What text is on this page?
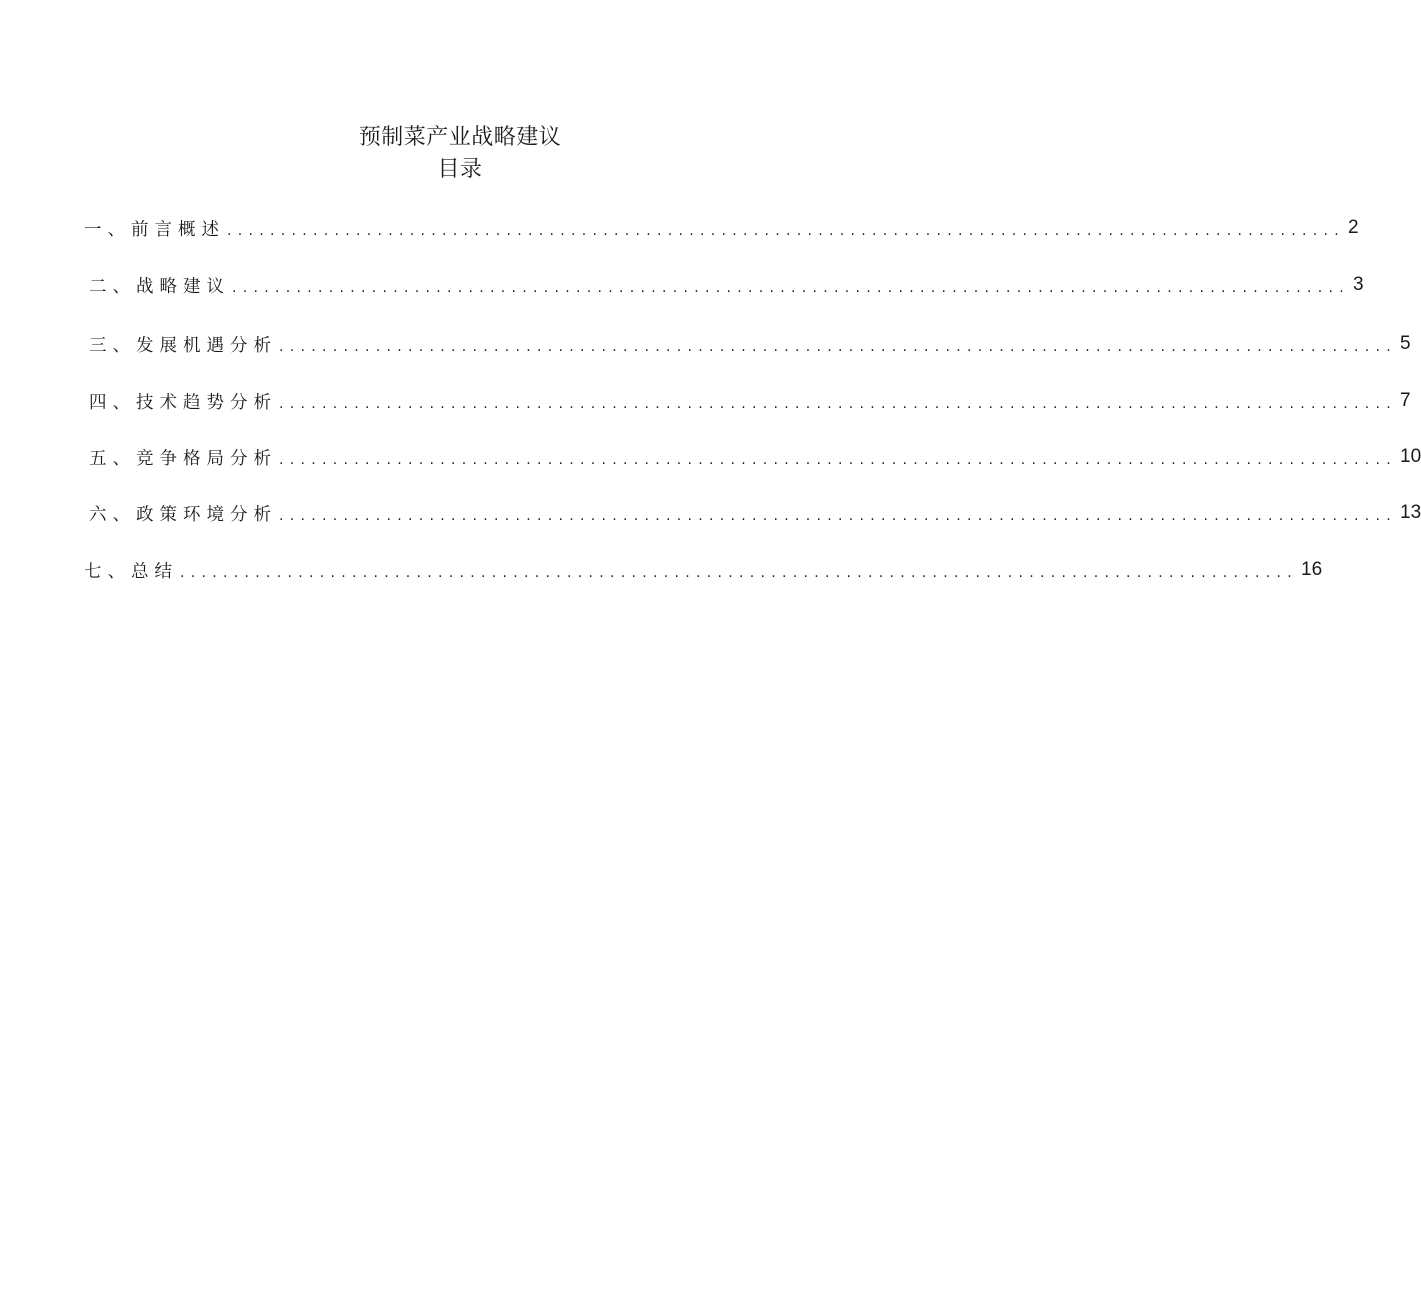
预制菜产业战略建议
目录
一、前言概述 ........................................................................................................ 2
二、战略建议 ........................................................................................................ 3
三、发展机遇分析 ........................................................................................................ 5
四、技术趋势分析 ........................................................................................................ 7
五、竞争格局分析 ........................................................................................................ 10
六、政策环境分析 ........................................................................................................ 13
七、总结 ........................................................................................................ 16
